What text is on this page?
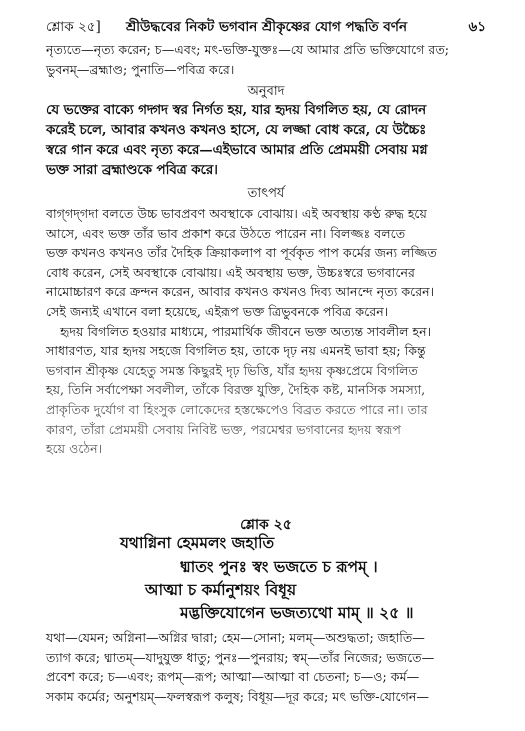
শ্লোক ২৫] শ্রীউদ্ধবের নিকট ভগবান শ্রীকৃষ্ণের যোগ পদ্ধতি বর্ণন	৬১
নৃত্যতে—নৃত্য করেন; চ—এবং; মৎ-ভক্তি-যুক্তঃ—যে আমার প্রতি ভক্তিযোগে রত;
ভুবনম্—ব্রহ্মাণ্ড; পুনাতি—পবিত্র করে।
অনুবাদ
যে ভক্তের বাক্যে গদ্গদ স্বর নির্গত হয়, যার হৃদয় বিগলিত হয়, যে রোদন
করেই চলে, আবার কখনও কখনও হাসে, যে লজ্জা বোধ করে, যে উচ্চৈঃ
স্বরে গান করে এবং নৃত্য করে—এইভাবে আমার প্রতি প্রেমময়ী সেবায় মগ্ন
ভক্ত সারা ব্রহ্মাণ্ডকে পবিত্র করে।
তাৎপর্য
বাগ্‌গদ্‌গদা বলতে উচ্চ ভাবপ্রবণ অবস্থাকে বোঝায়। এই অবস্থায় কণ্ঠ রুদ্ধ হয়ে
আসে, এবং ভক্ত তাঁর ভাব প্রকাশ করে উঠতে পারেন না। বিলজ্জঃ বলতে
ভক্ত কখনও কখনও তাঁর দৈহিক ক্রিয়াকলাপ বা পূর্বকৃত পাপ কর্মের জন্য লজ্জিত
বোধ করেন, সেই অবস্থাকে বোঝায়। এই অবস্থায় ভক্ত, উচ্চঃস্বরে ভগবানের
নামোচ্চারণ করে ক্রন্দন করেন, আবার কখনও কখনও দিব্য আনন্দে নৃত্য করেন।
সেই জন্যই এখানে বলা হয়েছে, এইরূপ ভক্ত ত্রিভুবনকে পবিত্র করেন।
হৃদয় বিগলিত হওয়ার মাধ্যমে, পারমার্থিক জীবনে ভক্ত অত্যন্ত সাবলীল হন।
সাধারণত, যার হৃদয় সহজে বিগলিত হয়, তাকে দৃঢ় নয় এমনই ভাবা হয়; কিন্তু
ভগবান শ্রীকৃষ্ণ যেহেতু সমস্ত কিছুরই দৃঢ় ভিত্তি, যাঁর হৃদয় কৃষ্ণপ্রেমে বিগলিত
হয়, তিনি সর্বাপেক্ষা সবলীল, তাঁকে বিরক্ত যুক্তি, দৈহিক কষ্ট, মানসিক সমস্যা,
প্রাকৃতিক দুর্যোগ বা হিংসুক লোকেদের হস্তক্ষেপেও বিব্রত করতে পারে না। তার
কারণ, তাঁরা প্রেমময়ী সেবায় নিবিষ্ট ভক্ত, পরমেশ্বর ভগবানের হৃদয় স্বরূপ
হয়ে ওঠেন।
শ্লোক ২৫
যথাগ্নিনা হেমমলং জহাতি
ধ্মাতং পুনঃ স্বং ভজতে চ রূপম্ ।
আত্মা চ কর্মানুশয়ং বিধূয়
মদ্ভক্তিযোগেন ভজত্যথো মাম্ ॥ ২৫ ॥
যথা—যেমন; অগ্নিনা—অগ্নির দ্বারা; হেম—সোনা; মলম্—অশুদ্ধতা; জহাতি—
ত্যাগ করে; ধ্মাতম্—যাদুযুক্ত ধাতু; পুনঃ—পুনরায়; স্বম্—তাঁর নিজের; ভজতে—
প্রবেশ করে; চ—এবং; রূপম্—রূপ; আত্মা—আত্মা বা চেতনা; চ—ও; কর্ম—
সকাম কর্মের; অনুশয়ম্—ফলস্বরূপ কলুষ; বিধূয়—দূর করে; মৎ ভক্তি-যোগেন—
